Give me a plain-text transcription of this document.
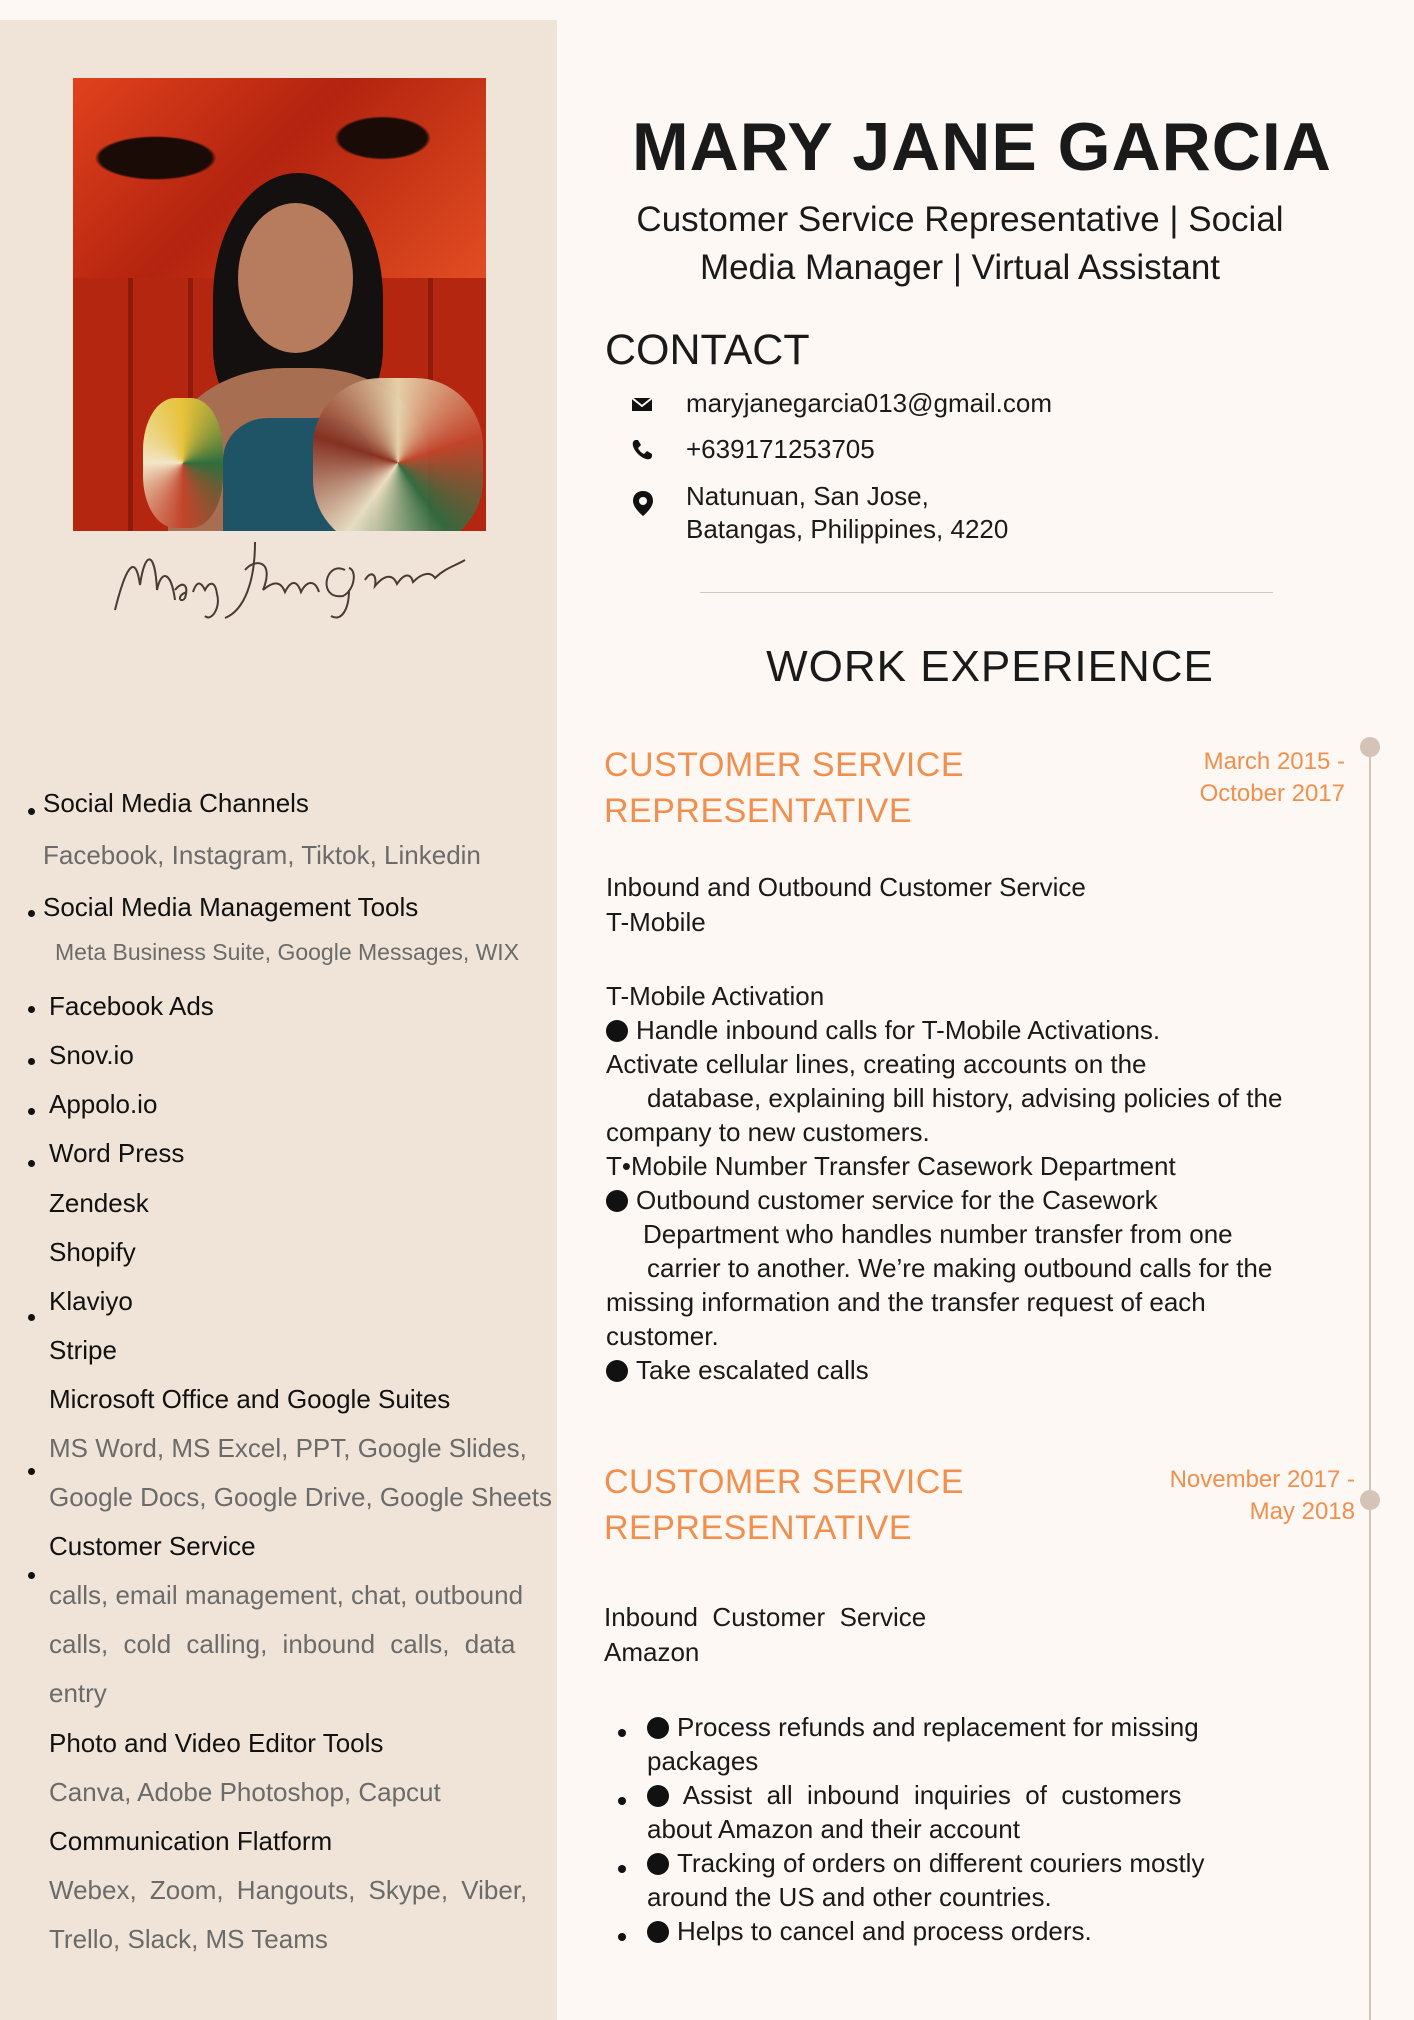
Social Media Channels
Facebook, Instagram, Tiktok, Linkedin
Social Media Management Tools
Meta Business Suite, Google Messages, WIX
Facebook Ads
Snov.io
Appolo.io
Word Press
Zendesk
Shopify
Klaviyo
Stripe
Microsoft Office and Google Suites
MS Word, MS Excel, PPT, Google Slides,
Google Docs, Google Drive, Google Sheets
Customer Service
calls, email management, chat, outbound
calls, cold calling, inbound calls, data
entry
Photo and Video Editor Tools
Canva, Adobe Photoshop, Capcut
Communication Flatform
Webex, Zoom, Hangouts, Skype, Viber,
Trello, Slack, MS Teams
MARY JANE GARCIA
Customer Service Representative | Social
Media Manager | Virtual Assistant
CONTACT
maryjanegarcia013@gmail.com
+639171253705
Natunuan, San Jose,
Batangas, Philippines, 4220
WORK EXPERIENCE
CUSTOMER SERVICE
REPRESENTATIVE
March 2015 -
October 2017
Inbound and Outbound Customer Service
T-Mobile
T-Mobile Activation
Handle inbound calls for T-Mobile Activations.
Activate cellular lines, creating accounts on the
database, explaining bill history, advising policies of the
company to new customers.
T•Mobile Number Transfer Casework Department
Outbound customer service for the Casework
Department who handles number transfer from one
carrier to another. We’re making outbound calls for the
missing information and the transfer request of each
customer.
Take escalated calls
CUSTOMER SERVICE
REPRESENTATIVE
November 2017 -
May 2018
Inbound  Customer  Service
Amazon
Process refunds and replacement for missing
packages
Assist  all  inbound  inquiries  of  customers
about Amazon and their account
Tracking of orders on different couriers mostly
around the US and other countries.
Helps to cancel and process orders.
